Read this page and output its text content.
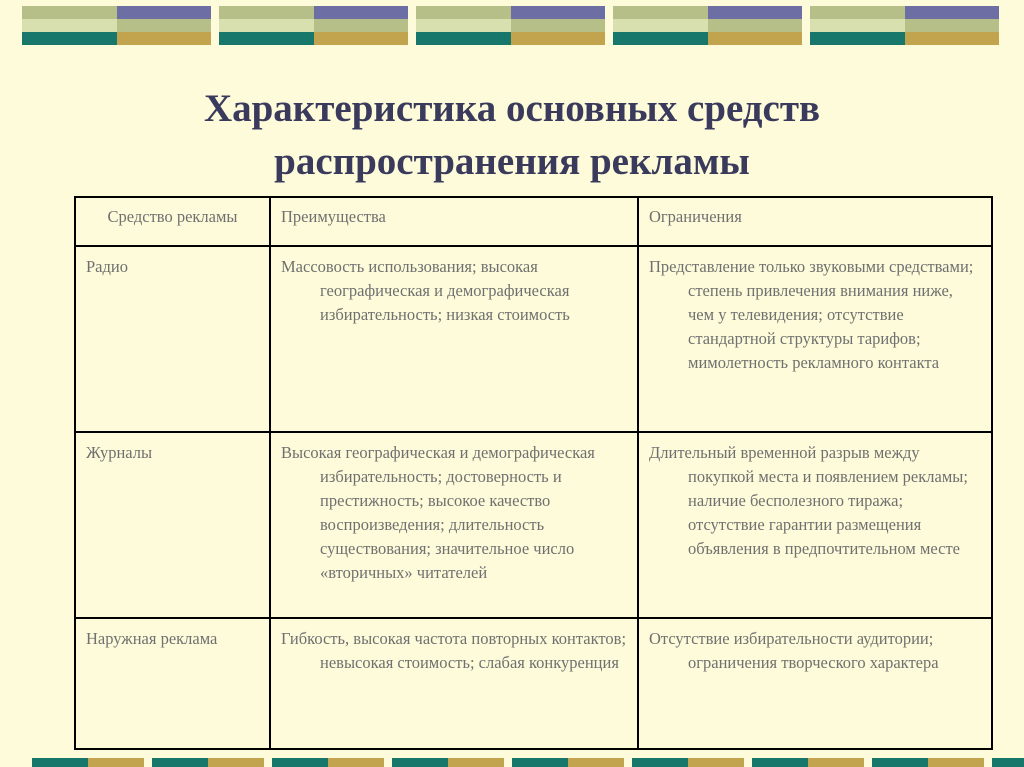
Характеристика основных средств
распространения рекламы
Средство рекламы	Преимущества	Ограничения

Радио	Массовость использования; высокая географическая и демографическая избирательность; низкая стоимость	Представление только звуковыми средствами; степень привлечения внимания ниже, чем у телевидения; отсутствие стандартной структуры тарифов; мимолетность рекламного контакта

Журналы	Высокая географическая и демографическая избирательность; достоверность и престижность; высокое качество воспроизведения; длительность существования; значительное число «вторичных» читателей	Длительный временной разрыв между покупкой места и появлением рекламы; наличие бесполезного тиража; отсутствие гарантии размещения объявления в предпочтительном месте

Наружная реклама	Гибкость, высокая частота повторных контактов; невысокая стоимость; слабая конкуренция	Отсутствие избирательности аудитории; ограничения творческого характера
